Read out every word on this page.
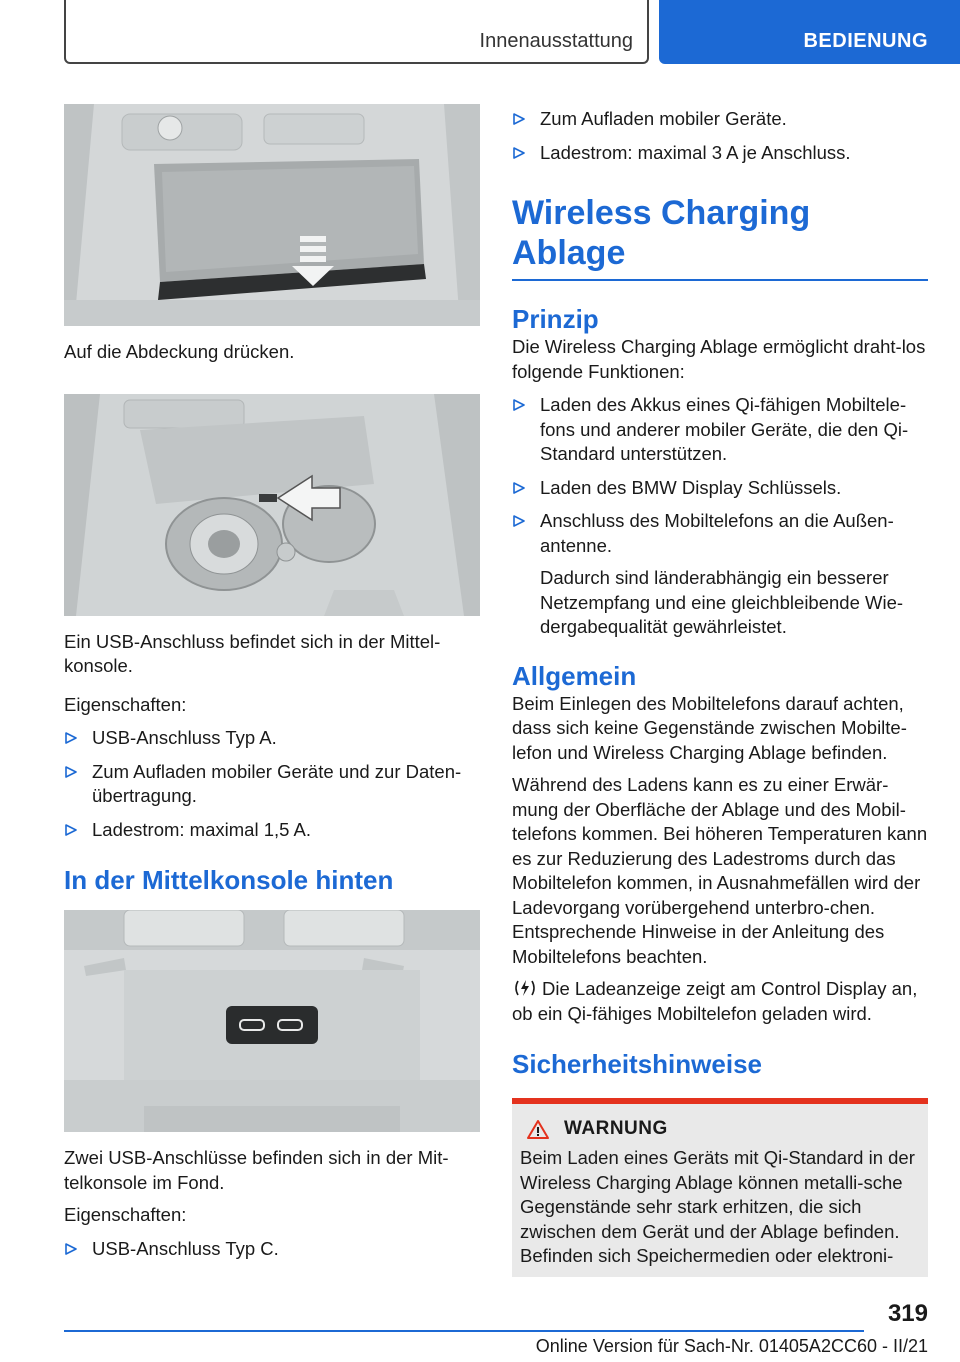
Innenausstattung	BEDIENUNG

Auf die Abdeckung drücken.

Ein USB-Anschluss befindet sich in der Mittel-konsole.

Eigenschaften:

USB-Anschluss Typ A.
Zum Aufladen mobiler Geräte und zur Daten-übertragung.
Ladestrom: maximal 1,5 A.
In der Mittelkonsole hinten

Zwei USB-Anschlüsse befinden sich in der Mit-telkonsole im Fond.

Eigenschaften:

USB-Anschluss Typ C.
Zum Aufladen mobiler Geräte.
Ladestrom: maximal 3 A je Anschluss.
Wireless Charging Ablage
Prinzip

Die Wireless Charging Ablage ermöglicht draht-los folgende Funktionen:

Laden des Akkus eines Qi-fähigen Mobiltele-fons und anderer mobiler Geräte, die den Qi-Standard unterstützen.
Laden des BMW Display Schlüssels.
Anschluss des Mobiltelefons an die Außen-antenne.

Dadurch sind länderabhängig ein besserer Netzempfang und eine gleichbleibende Wie-dergabequalität gewährleistet.

Allgemein

Beim Einlegen des Mobiltelefons darauf achten, dass sich keine Gegenstände zwischen Mobilte-lefon und Wireless Charging Ablage befinden.

Während des Ladens kann es zu einer Erwär-mung der Oberfläche der Ablage und des Mobil-telefons kommen. Bei höheren Temperaturen kann es zur Reduzierung des Ladestroms durch das Mobiltelefon kommen, in Ausnahmefällen wird der Ladevorgang vorübergehend unterbro-chen. Entsprechende Hinweise in der Anleitung des Mobiltelefons beachten.

Die Ladeanzeige zeigt am Control Display an, ob ein Qi-fähiges Mobiltelefon geladen wird.

Sicherheitshinweise
WARNUNG

Beim Laden eines Geräts mit Qi-Standard in der Wireless Charging Ablage können metalli-sche Gegenstände sehr stark erhitzen, die sich zwischen dem Gerät und der Ablage befinden. Befinden sich Speichermedien oder elektroni-

319
Online Version für Sach-Nr. 01405A2CC60 - II/21
